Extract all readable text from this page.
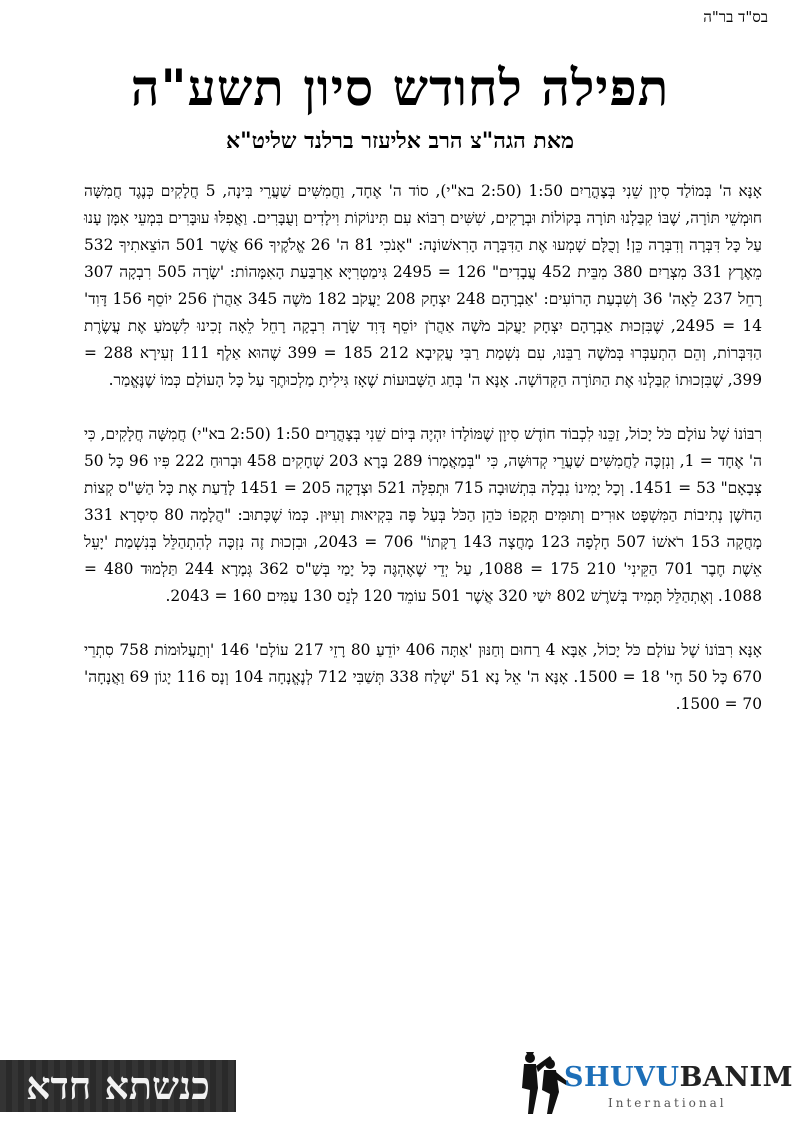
בס"ד בר"ה
תפילה לחודש סיון תשע"ה
מאת הגה"צ הרב אליעזר ברלנד שליט"א

אָנָּא ה' בְּמוֹלַד סִיוָן שֵׁנִי בְּצָהֳרַיִם 1:50 (2:50 בא"י), סוֹד ה' אֶחָד, וַחֲמִשִּׁים שַׁעֲרֵי בִּינָה, 5 חֲלָקִים כְּנֶגֶד חֲמִשָּׁה חוּמְשֵׁי תּוֹרָה, שֶׁבּוֹ קִבַּלְנוּ תּוֹרָה בְּקוֹלוֹת וּבְרָקִים, שִׁשִּׁים רִבּוֹא עִם תִּינוֹקוֹת וִילָדִים וְעֻבָּרִים. וַאֲפִלּוּ עוּבָּרִים בִּמְעֵי אִמָּן עָנוּ עַל כָּל דִּבְּרָה וְדִבְּרָה כֵּן! וְכֻלָּם שָׁמְעוּ אֶת הַדִּבְּרָה הָרִאשׁוֹנָה: "אָנֹכִי 81 ה' 26 אֱלֹקֶיךָ 66 אֲשֶׁר 501 הוֹצֵאתִיךָ 532 מֵאֶרֶץ 331 מִצְרַיִם 380 מִבֵּית 452 עֲבָדִים" 126 = 2495 גִּימַטְרִיָּא אַרְבַּעַת הָאִמָּהוֹת: 'שָׂרָה 505 רִבְקָה 307 רָחֵל 237 לֵאָה' 36 וְשִׁבְעַת הָרוֹעִים: 'אַבְרָהָם 248 יִצְחָק 208 יַעֲקֹב 182 מֹשֶׁה 345 אַהֲרֹן 256 יוֹסֵף 156 דָּוִד' 14 = 2495, שֶׁבִּזְכוּת אַבְרָהָם יִצְחָק יַעֲקֹב מֹשֶׁה אַהֲרֹן יוֹסֵף דָּוִד שָׂרָה רִבְקָה רָחֵל לֵאָה זָכִינוּ לִשְׁמֹעַ אֶת עֲשֶׂרֶת הַדִּבְּרוֹת, וְהֵם הִתְעַבְּרוּ בְּמֹשֶׁה רַבֵּנוּ, עִם נִשְׁמַת רַבִּי עֲקִיבָא 212 185 = 399 שֶׁהוּא אַלֶף 111 זְעִירָא 288 = 399, שֶׁבִּזְכוּתוֹ קִבַּלְנוּ אֶת הַתּוֹרָה הַקְּדוֹשָׁה. אָנָּא ה' בְּחַג הַשָּׁבוּעוֹת שֶׁאָז גִּילִיתָ מַלְכוּתֶךָ עַל כָּל הָעוֹלָם כְּמוֹ שֶׁנֶּאֱמַר.

רִבּוֹנוֹ שֶׁל עוֹלָם כֹּל יָכוֹל, זַכֵּנוּ לִכְבוֹד חוֹדֶשׁ סִיוָן שֶׁמּוֹלָדוֹ יִהְיֶה בְּיוֹם שֵׁנִי בְּצָהֳרַיִם 1:50 (2:50 בא"י) חֲמִשָּׁה חֲלָקִים, כִּי ה' אֶחָד = 1, וְנִזְכֶּה לַחֲמִשִּׁים שַׁעֲרֵי קְדוּשָּׁה, כִּי "בְּמַאֲמָרוֹ 289 בָּרָא 203 שְׁחָקִים 458 וּבְרוּחַ 222 פִּיו 96 כָּל 50 צְבָאָם" 53 = 1451. וְכָל יָמִינוֹ נִבְלָה בִּתְשׁוּבָה 715 וּתְפִלָּה 521 וּצְדָקָה 205 = 1451 לָדַעַת אֶת כָּל הַשַּׁ"ס קְצוֹת הַחֹשֶׁן נְתִיבוֹת הַמִּשְׁפָּט אוּרִים וְתוּמִּים תְּקָפוֹ כֹּהֵן הַכֹּל בְּעַל פֶּה בִּקְיאוּת וְעִיּוּן. כְּמוֹ שֶׁכָּתוּב: "הֲלָמָה 80 סִיסְרָא 331 מָחֲקָה 153 רֹאשׁוֹ 507 חָלְפָה 123 מָחֲצָה 143 רַקָּתוֹ" 706 = 2043, וּבִזְכוּת זֶה נִזְכֶּה לְהִתְהַלֵּל בְּנִשְׁמַת 'יָעֵל אֵשֶׁת חֶבֶר 701 הַקֵּינִי' 210 175 = 1088, עַל יְדֵי שֶׁאֶהְגֶּה כָּל יָמַי בְּשַׁ"ס 362 גְּמָרָא 244 תַּלְמוּד 480 = 1088. וְאֶתְהַלֵּל תָּמִיד בְּשֹׁרֶשׁ 802 יִשַׁי 320 אֲשֶׁר 501 עוֹמֵד 120 לְנֵס 130 עַמִּים 160 = 2043.

אָנָּא רִבּוֹנוֹ שֶׁל עוֹלָם כֹּל יָכוֹל, אַבָּא 4 רַחוּם וְחַנּוּן 'אַתָּה 406 יוֹדֵעַ 80 רָזֵי 217 עוֹלָם' 146 'וְתַעֲלוּמוֹת 758 סִתְרֵי 670 כָּל 50 חָי' 18 = 1500. אָנָּא ה' אֵל נָא 51 'שְׁלַח 338 תְּשַׁבִּי 712 לְנֶאֱנָחָה 104 וְנָס 116 יָגוֹן 69 וַאֲנָחָה' 70 = 1500.

כנשתא חדא	SHUVUBANIM
International
